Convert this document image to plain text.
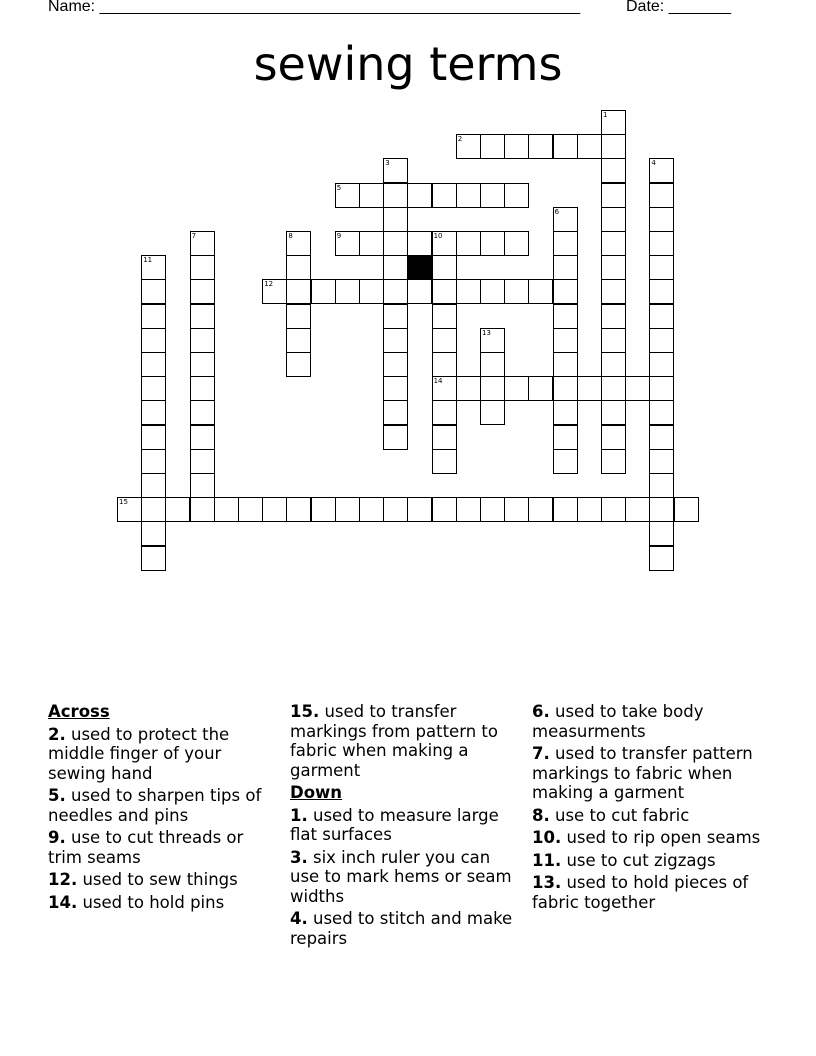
Name: ______________________________________________________	Date: _______
sewing terms
1
2
3	4
5
6
7	8	9	10
14
11
12
13
15
Across
2. used to protect the middle finger of your sewing hand
5. used to sharpen tips of needles and pins
9. use to cut threads or trim seams
12. used to sew things
14. used to hold pins
15. used to transfer markings from pattern to fabric when making a garment
Down
1. used to measure large flat surfaces
3. six inch ruler you can use to mark hems or seam widths
4. used to stitch and make repairs
6. used to take body measurments
7. used to transfer pattern markings to fabric when making a garment
8. use to cut fabric
10. used to rip open seams
11. use to cut zigzags
13. used to hold pieces of fabric together
